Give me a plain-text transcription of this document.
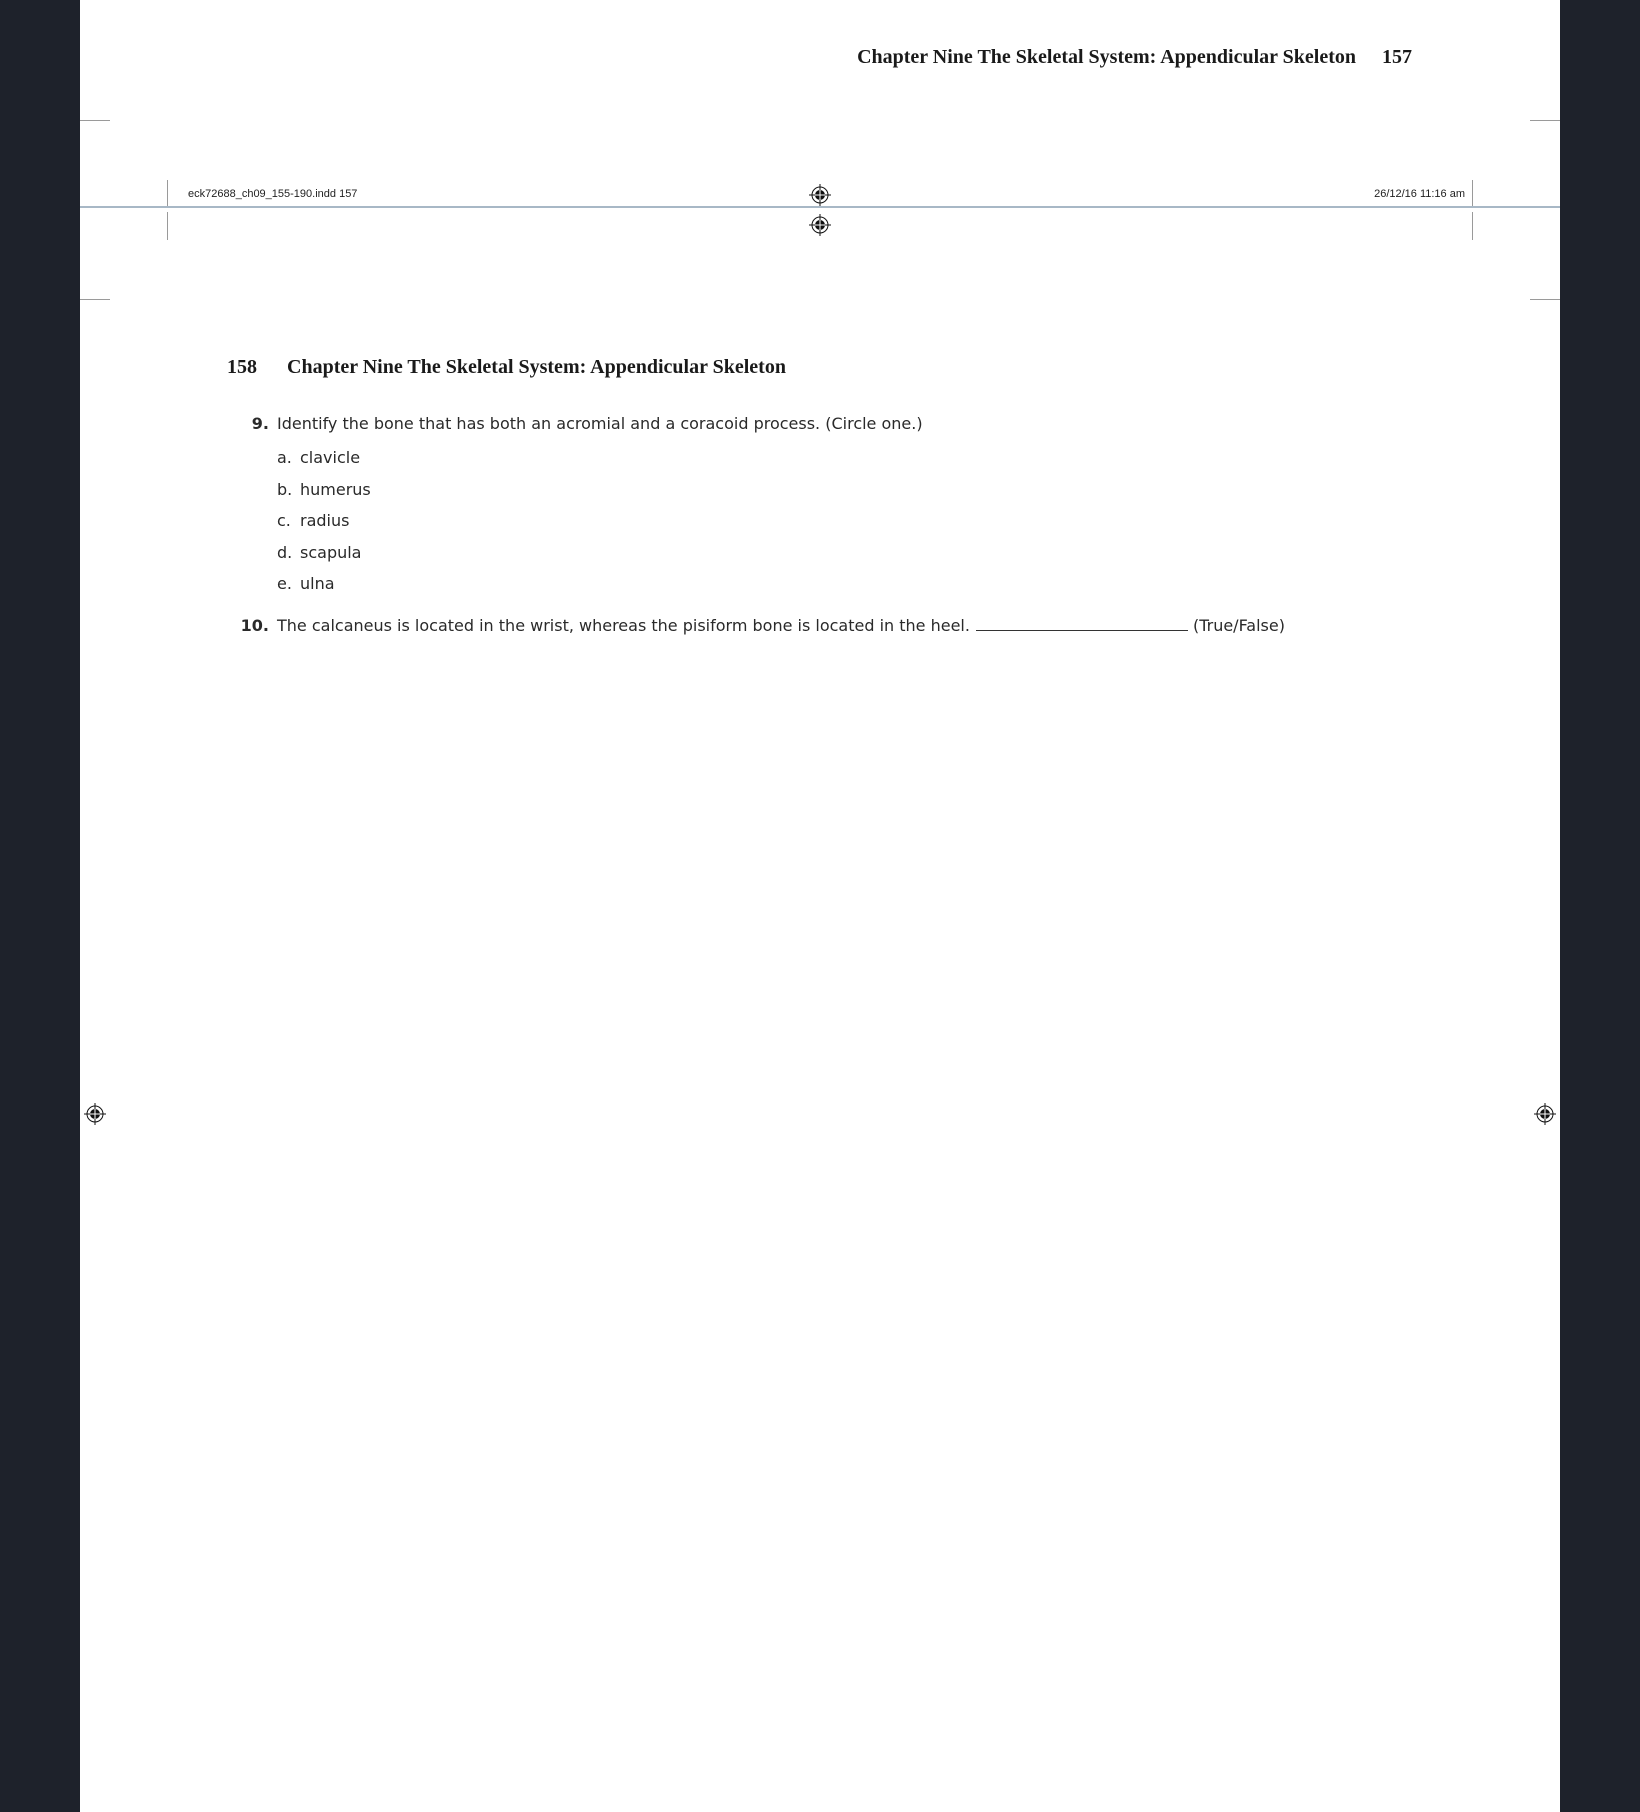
Chapter Nine The Skeletal System: Appendicular Skeleton 157
eck72688_ch09_155-190.indd 157	26/12/16 11:16 am
158 Chapter Nine The Skeletal System: Appendicular Skeleton
9. Identify the bone that has both an acromial and a coracoid process. (Circle one.)
a. clavicle
b. humerus
c. radius
d. scapula
e. ulna
10. The calcaneus is located in the wrist, whereas the pisiform bone is located in the heel.	(True/False)
